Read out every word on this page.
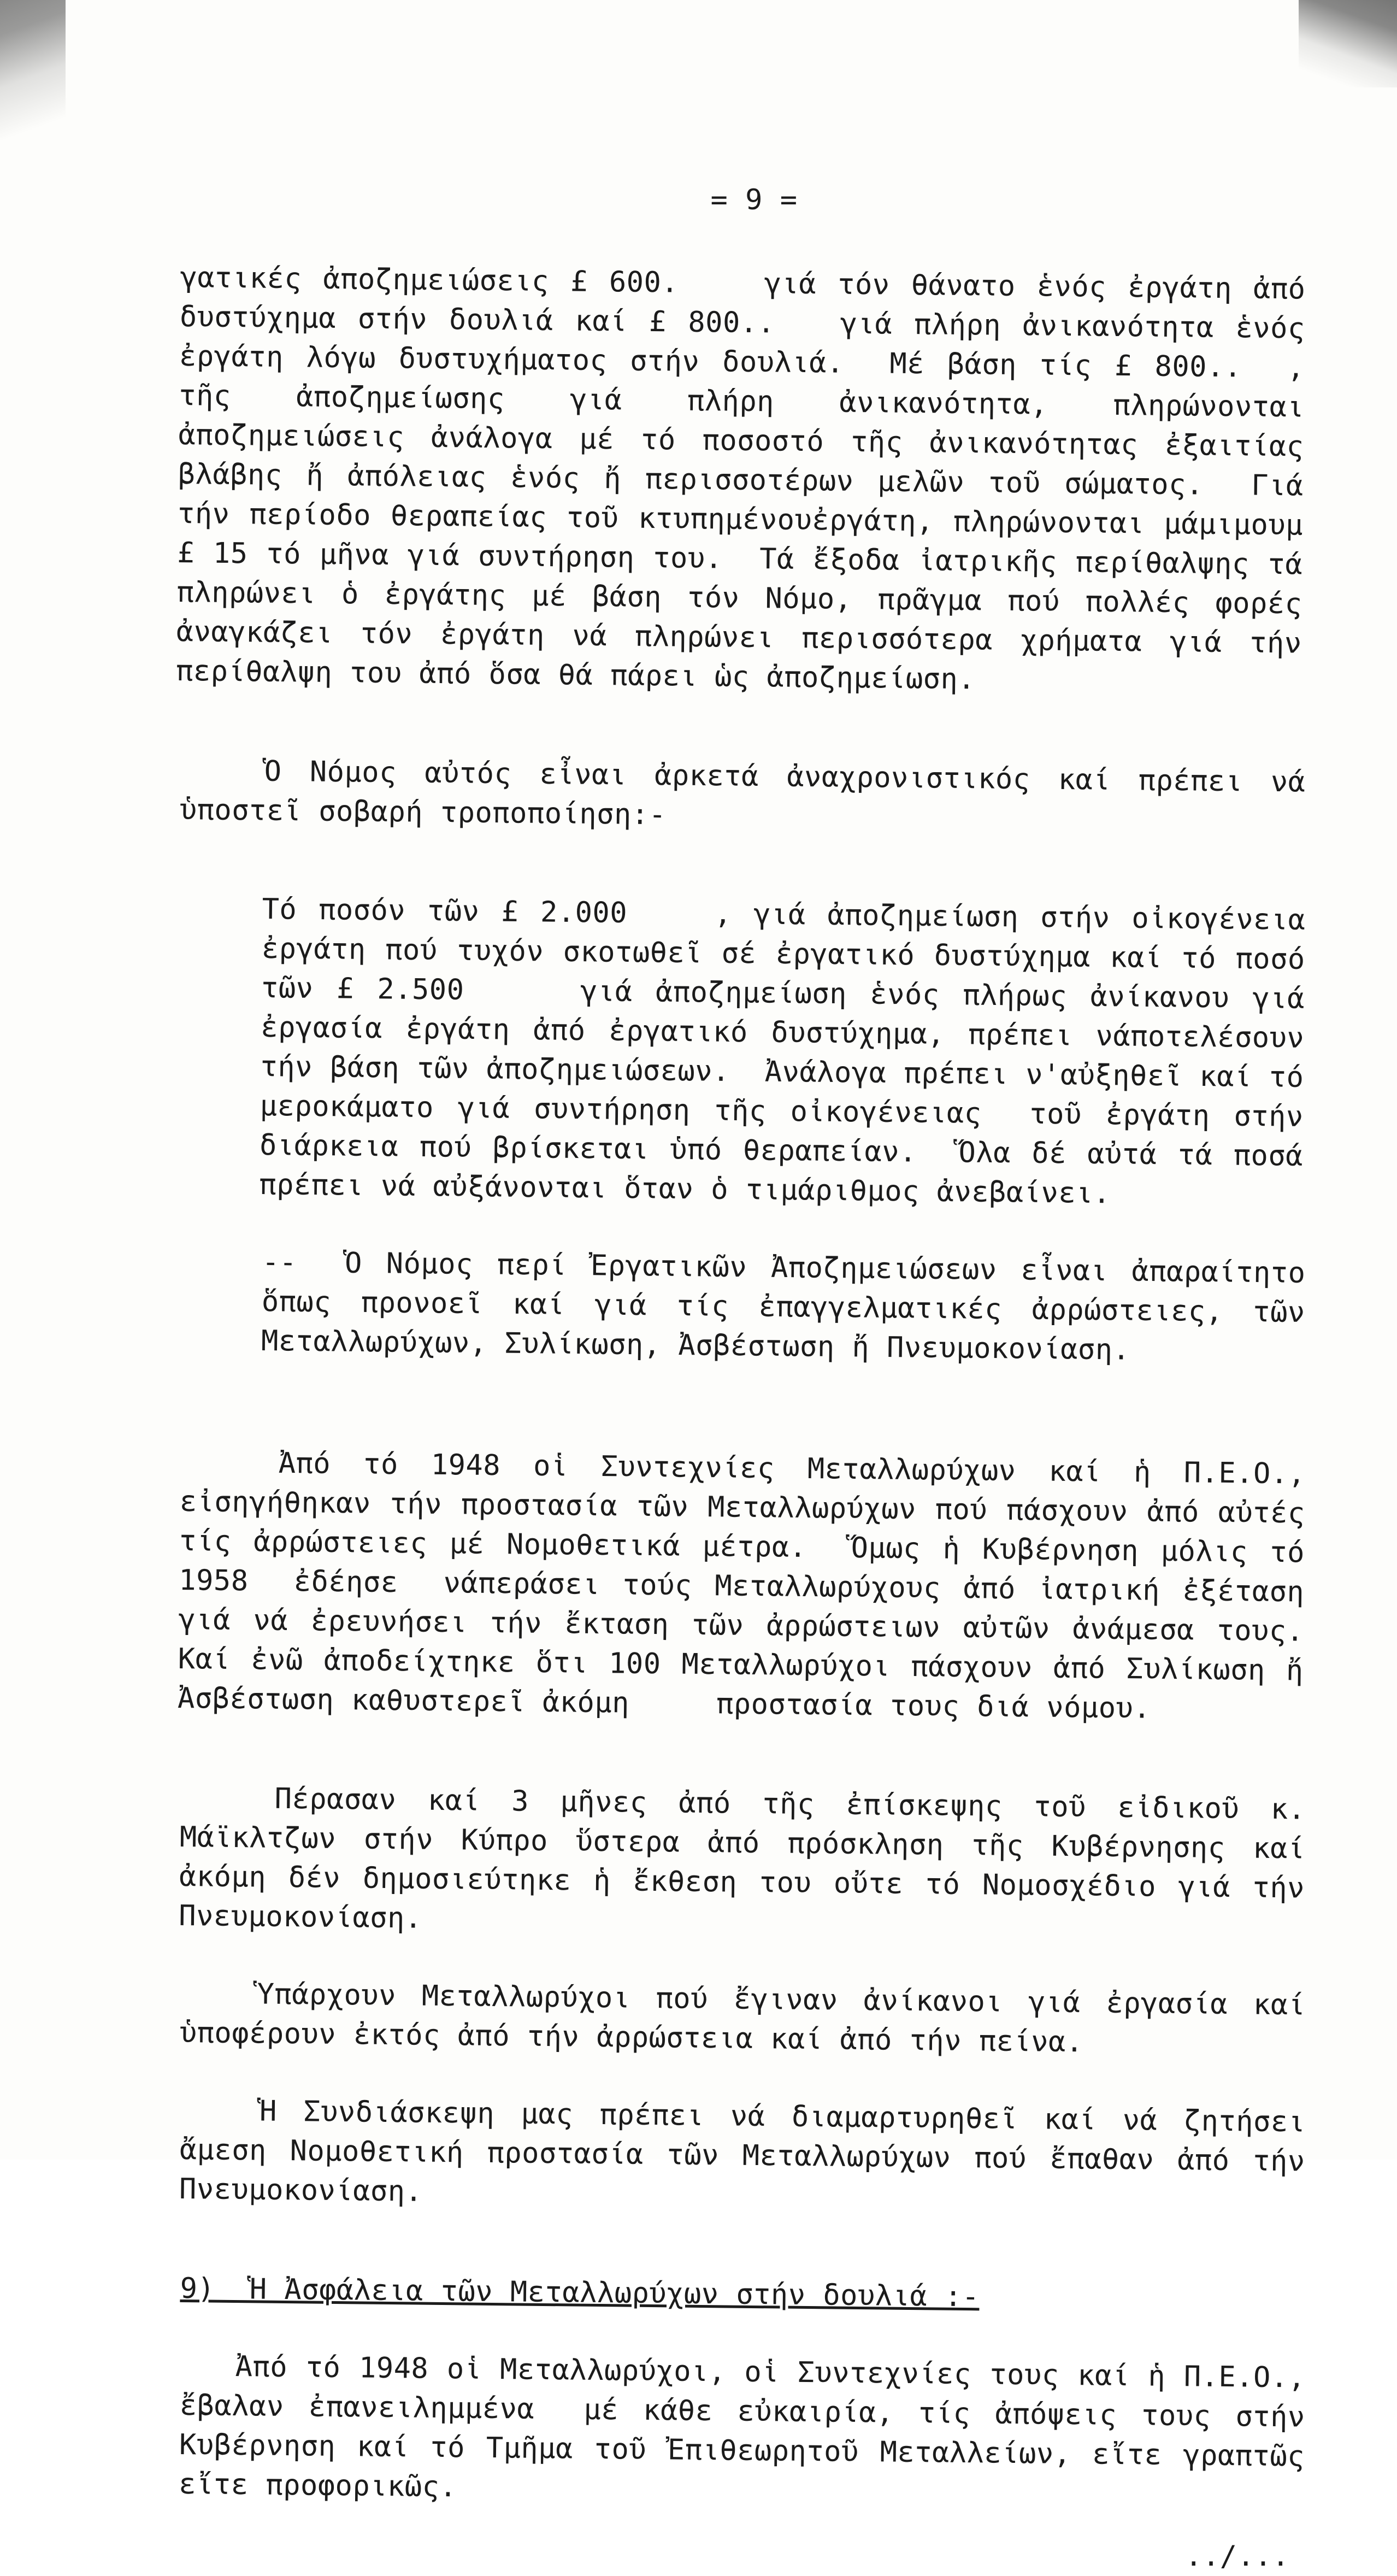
= 9 =

γατικές ἀποζημειώσεις £ 600.    γιά τόν θάνατο ἑνός ἐργάτη ἀπό δυστύχημα στήν δουλιά καί £ 800..   γιά πλήρη ἀνικανότητα ἑνός ἐργάτη λόγω δυστυχήματος στήν δουλιά.  Μέ βάση τίς £ 800..  , τῆς ἀποζημείωσης γιά πλήρη ἀνικανότητα, πληρώνονται ἀποζημειώσεις ἀνάλογα μέ τό ποσοστό τῆς ἀνικανότητας ἐξαιτίας βλάβης ἤ ἀπόλειας ἑνός ἤ περισσοτέρων μελῶν τοῦ σώματος.  Γιά τήν περίοδο θεραπείας τοῦ κτυπημένουἐργάτη, πληρώνονται μάμιμουμ £ 15 τό μῆνα γιά συντήρηση του.  Τά ἔξοδα ἰατρικῆς περίθαλψης τά πληρώνει ὁ ἐργάτης μέ βάση τόν Νόμο, πρᾶγμα πού πολλές φορές ἀναγκάζει τόν ἐργάτη νά πληρώνει περισσότερα χρήματα γιά τήν περίθαλψη του ἀπό ὅσα θά πάρει ὡς ἀποζημείωση.

Ὁ Νόμος αὐτός εἶναι ἀρκετά ἀναχρονιστικός καί πρέπει νά ὑποστεῖ σοβαρή τροποποίηση:-

Τό ποσόν τῶν £ 2.000    , γιά ἀποζημείωση στήν οἰκογένεια ἐργάτη πού τυχόν σκοτωθεῖ σέ ἐργατικό δυστύχημα καί τό ποσό τῶν £ 2.500     γιά ἀποζημείωση ἑνός πλήρως ἀνίκανου γιά ἐργασία ἐργάτη ἀπό ἐργατικό δυστύχημα, πρέπει νάποτελέσουν τήν βάση τῶν ἀποζημειώσεων.  Ἀνάλογα πρέπει ν'αὐξηθεῖ καί τό μεροκάματο γιά συντήρηση τῆς οἰκογένειας  τοῦ ἐργάτη στήν διάρκεια πού βρίσκεται ὑπό θεραπείαν.  Ὅλα δέ αὐτά τά ποσά πρέπει νά αὐξάνονται ὅταν ὁ τιμάριθμος ἀνεβαίνει.

--  Ὁ Νόμος περί Ἐργατικῶν Ἀποζημειώσεων εἶναι ἀπαραίτητο ὅπως προνοεῖ καί γιά τίς ἐπαγγελματικές ἀρρώστειες, τῶν Μεταλλωρύχων, Συλίκωση, Ἀσβέστωση ἤ Πνευμοκονίαση.

Ἀπό τό 1948 οἱ Συντεχνίες Μεταλλωρύχων καί ἡ Π.Ε.Ο., εἰσηγήθηκαν τήν προστασία τῶν Μεταλλωρύχων πού πάσχουν ἀπό αὐτές τίς ἀρρώστειες μέ Νομοθετικά μέτρα.  Ὅμως ἡ Κυβέρνηση μόλις τό 1958  ἐδέησε  νάπεράσει τούς Μεταλλωρύχους ἀπό ἰατρική ἐξέταση γιά νά ἐρευνήσει τήν ἔκταση τῶν ἀρρώστειων αὐτῶν ἀνάμεσα τους.  Καί ἐνῶ ἀποδείχτηκε ὅτι 100 Μεταλλωρύχοι πάσχουν ἀπό Συλίκωση ἤ Ἀσβέστωση καθυστερεῖ ἀκόμη     προστασία τους διά νόμου.

Πέρασαν καί 3 μῆνες ἀπό τῆς ἐπίσκεψης τοῦ εἰδικοῦ κ. Μάϊκλτζων στήν Κύπρο ὕστερα ἀπό πρόσκληση τῆς Κυβέρνησης καί ἀκόμη δέν δημοσιεύτηκε ἡ ἔκθεση του οὔτε τό Νομοσχέδιο γιά τήν Πνευμοκονίαση.

Ὑπάρχουν Μεταλλωρύχοι πού ἔγιναν ἀνίκανοι γιά ἐργασία καί ὑποφέρουν ἐκτός ἀπό τήν ἀρρώστεια καί ἀπό τήν πείνα.

Ἡ Συνδιάσκεψη μας πρέπει νά διαμαρτυρηθεῖ καί νά ζητήσει ἄμεση Νομοθετική προστασία τῶν Μεταλλωρύχων πού ἔπαθαν ἀπό τήν Πνευμοκονίαση.

9)  Ἡ Ἀσφάλεια τῶν Μεταλλωρύχων στήν δουλιά :-

Ἀπό τό 1948 οἱ Μεταλλωρύχοι, οἱ Συντεχνίες τους καί ἡ Π.Ε.Ο., ἔβαλαν ἐπανειλημμένα  μέ κάθε εὐκαιρία, τίς ἀπόψεις τους στήν Κυβέρνηση καί τό Τμῆμα τοῦ Ἐπιθεωρητοῦ Μεταλλείων, εἴτε γραπτῶς εἴτε προφορικῶς.

../...
